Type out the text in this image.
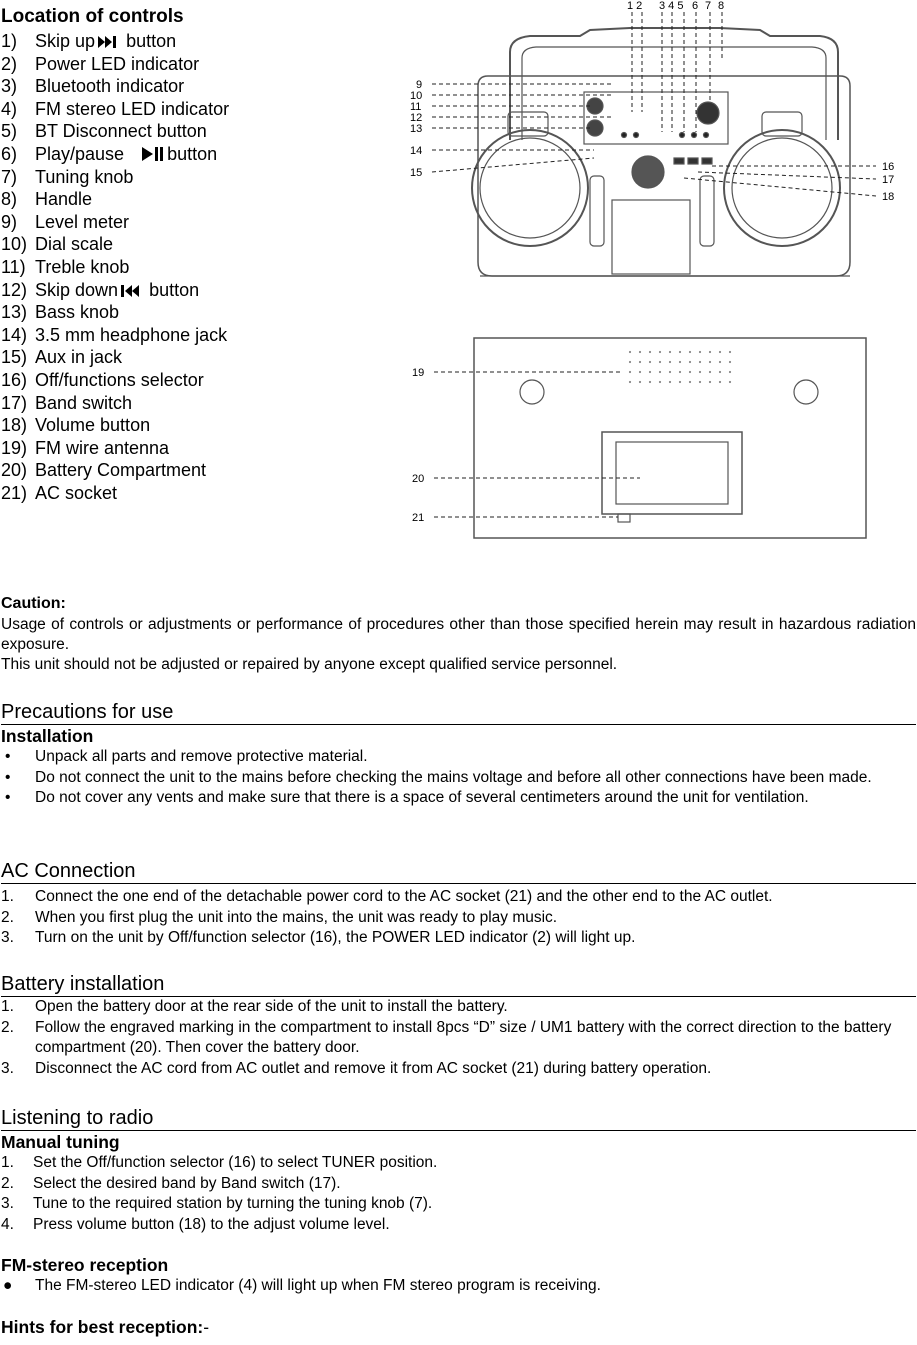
Location of controls
1) Skip up button
2) Power LED indicator
3) Bluetooth indicator
4) FM stereo LED indicator
5) BT Disconnect button
6) Play/pause button
7) Tuning knob
8) Handle
9) Level meter
10) Dial scale
11) Treble knob
12) Skip down button
13) Bass knob
14) 3.5 mm headphone jack
15) Aux in jack
16) Off/functions selector
17) Band switch
18) Volume button
19) FM wire antenna
20) Battery Compartment
21) AC socket
1 2 3 4 5 6 7 8
9
10
11
12
13
14
15	16
17
18
19
20
21
Caution:

Usage of controls or adjustments or performance of procedures other than those specified herein may result in hazardous radiation exposure.

This unit should not be adjusted or repaired by anyone except qualified service personnel.

Precautions for use
Installation
• Unpack all parts and remove protective material.
• Do not connect the unit to the mains before checking the mains voltage and before all other connections have been made.
• Do not cover any vents and make sure that there is a space of several centimeters around the unit for ventilation.
AC Connection
1. Connect the one end of the detachable power cord to the AC socket (21) and the other end to the AC outlet.
2. When you first plug the unit into the mains, the unit was ready to play music.
3. Turn on the unit by Off/function selector (16), the POWER LED indicator (2) will light up.
Battery installation
1. Open the battery door at the rear side of the unit to install the battery.
2. Follow the engraved marking in the compartment to install 8pcs “D” size / UM1 battery with the correct direction to the battery compartment (20). Then cover the battery door.
3. Disconnect the AC cord from AC outlet and remove it from AC socket (21) during battery operation.
Listening to radio
Manual tuning
1. Set the Off/function selector (16) to select TUNER position.
2. Select the desired band by Band switch (17).
3. Tune to the required station by turning the tuning knob (7).
4. Press volume button (18) to the adjust volume level.
FM-stereo reception
● The FM-stereo LED indicator (4) will light up when FM stereo program is receiving.
Hints for best reception:-
